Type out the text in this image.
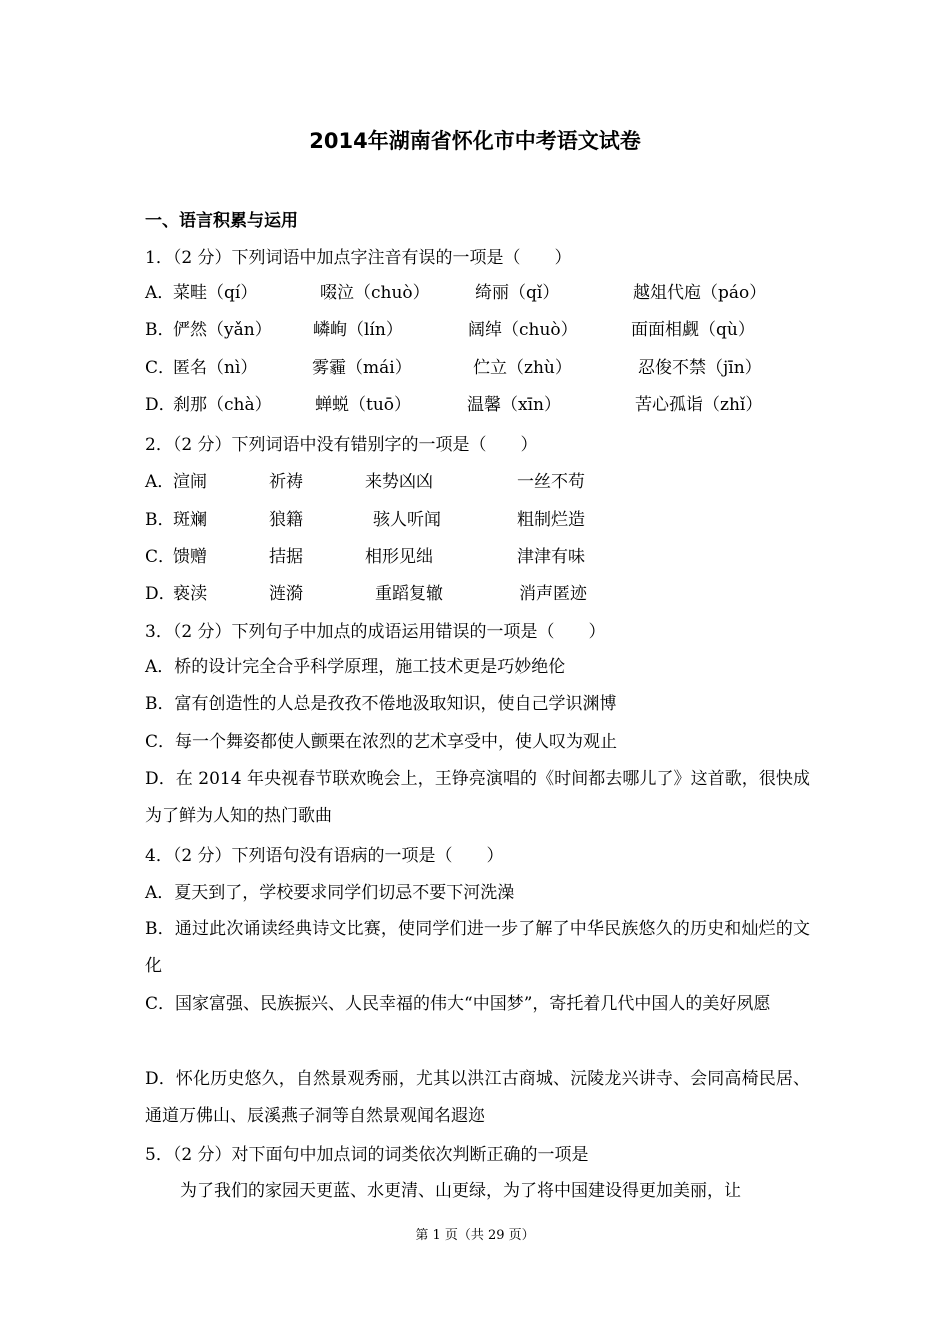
2014年湖南省怀化市中考语文试卷
一、语言积累与运用
1．（2 分）下列词语中加点字注音有误的一项是（　　）
A．
菜畦（qí）	啜泣（chuò）	绮丽（qǐ）	越俎代庖（páo）
B．
俨然（yǎn） 嶙峋（lín）	阔绰（chuò）	面面相觑（qù）
C．
匿名（nì）	雾霾（mái）	伫立（zhù）	忍俊不禁（jīn）
D．
刹那（chà）	蝉蜕（tuō）	温馨（xīn）	苦心孤诣（zhǐ）
2．（2 分）下列词语中没有错别字的一项是（　　）
A．
渲闹	祈祷	来势凶凶	一丝不苟
B．
斑斓	狼籍	骇人听闻	粗制烂造
C．
馈赠	拮据	相形见绌	津津有味
D．
亵渎	涟漪	重蹈复辙	消声匿迹
3．（2 分）下列句子中加点的成语运用错误的一项是（　　）
A．桥的设计完全合乎科学原理，施工技术更是巧妙绝伦
B．富有创造性的人总是孜孜不倦地汲取知识，使自己学识渊博
C．每一个舞姿都使人颤栗在浓烈的艺术享受中，使人叹为观止
D．在 2014 年央视春节联欢晚会上，王铮亮演唱的《时间都去哪儿了》这首歌，很快成为了鲜为人知的热门歌曲
4．（2 分）下列语句没有语病的一项是（　　）
A．夏天到了，学校要求同学们切忌不要下河洗澡
B．通过此次诵读经典诗文比赛，使同学们进一步了解了中华民族悠久的历史和灿烂的文化
C．国家富强、民族振兴、人民幸福的伟大“中国梦”，寄托着几代中国人的美好夙愿
D．怀化历史悠久，自然景观秀丽，尤其以洪江古商城、沅陵龙兴讲寺、会同高椅民居、通道万佛山、辰溪燕子洞等自然景观闻名遐迩
5．（2 分）对下面句中加点词的词类依次判断正确的一项是
为了我们的家园天更蓝、水更清、山更绿，为了将中国建设得更加美丽，让
第 1 页（共 29 页）
